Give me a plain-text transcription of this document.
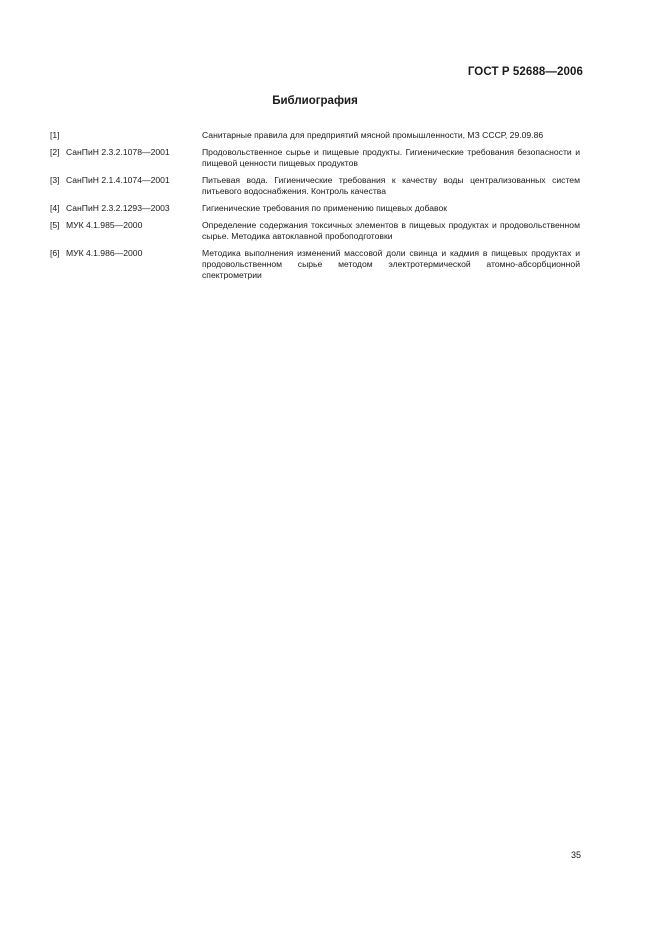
ГОСТ Р 52688—2006
Библиография
[1]	Санитарные правила для предприятий мясной промышленности, МЗ СССР, 29.09.86
[2] СанПиН 2.3.2.1078—2001	Продовольственное сырье и пищевые продукты. Гигиенические требования безопасности и пищевой ценности пищевых продуктов
[3] СанПиН 2.1.4.1074—2001	Питьевая вода. Гигиенические требования к качеству воды централизованных систем питьевого водоснабжения. Контроль качества
[4] СанПиН 2.3.2.1293—2003	Гигиенические требования по применению пищевых добавок
[5] МУК 4.1.985—2000	Определение содержания токсичных элементов в пищевых продуктах и продовольственном сырье. Методика автоклавной пробоподготовки
[6] МУК 4.1.986—2000	Методика выполнения изменений массовой доли свинца и кадмия в пищевых продуктах и продовольственном сырье методом электротермической атомно-абсорбционной спектрометрии
35
